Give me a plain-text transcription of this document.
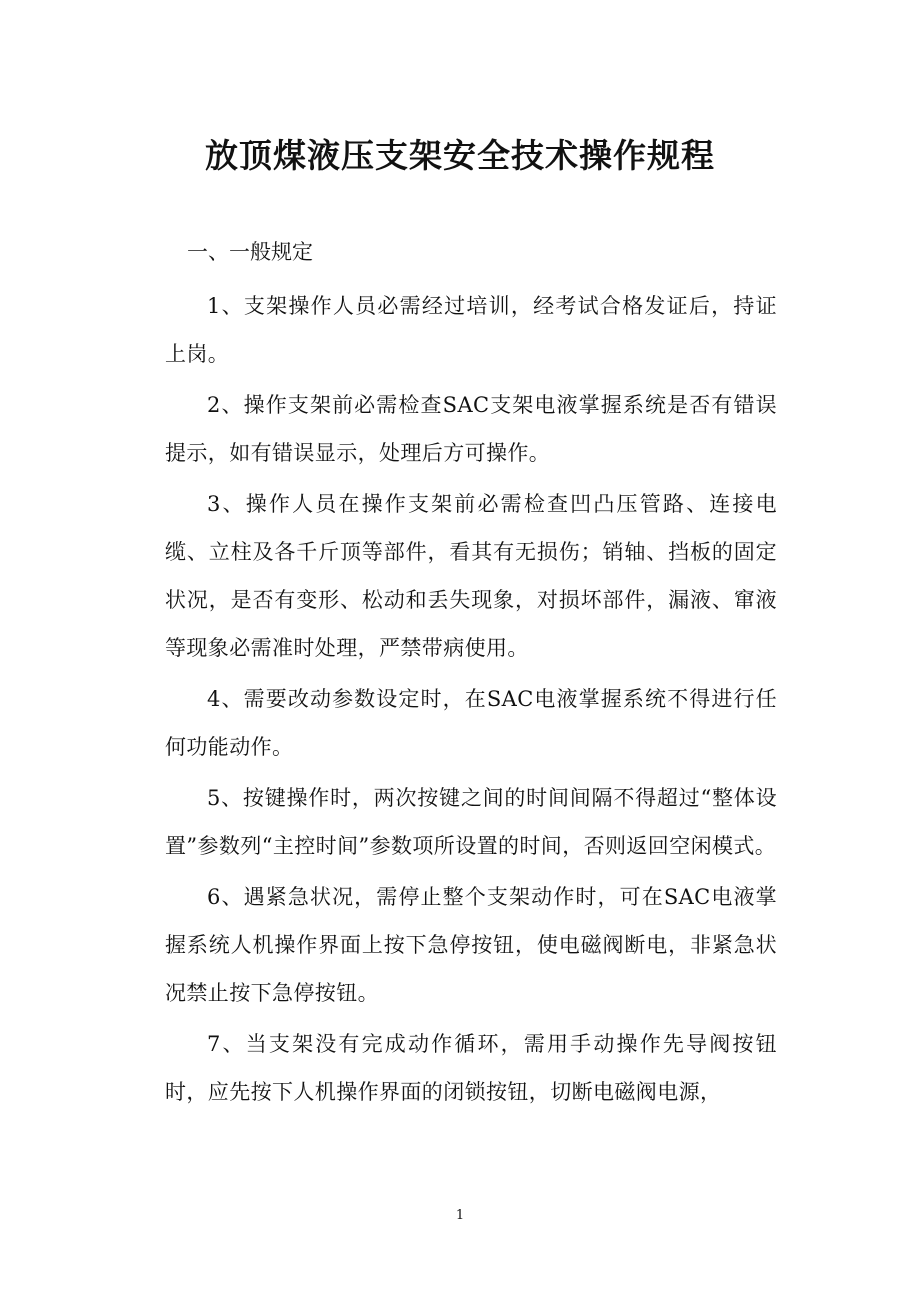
放顶煤液压支架安全技术操作规程

一、一般规定

1、支架操作人员必需经过培训，经考试合格发证后，持证上岗。

2、操作支架前必需检查SAC支架电液掌握系统是否有错误提示，如有错误显示，处理后方可操作。

3、操作人员在操作支架前必需检查凹凸压管路、连接电缆、立柱及各千斤顶等部件，看其有无损伤；销轴、挡板的固定状况，是否有变形、松动和丢失现象，对损坏部件，漏液、窜液等现象必需准时处理，严禁带病使用。

4、需要改动参数设定时，在SAC电液掌握系统不得进行任何功能动作。

5、按键操作时，两次按键之间的时间间隔不得超过“整体设置”参数列“主控时间”参数项所设置的时间，否则返回空闲模式。

6、遇紧急状况，需停止整个支架动作时，可在SAC电液掌握系统人机操作界面上按下急停按钮，使电磁阀断电，非紧急状况禁止按下急停按钮。

7、当支架没有完成动作循环，需用手动操作先导阀按钮时，应先按下人机操作界面的闭锁按钮，切断电磁阀电源，

1
